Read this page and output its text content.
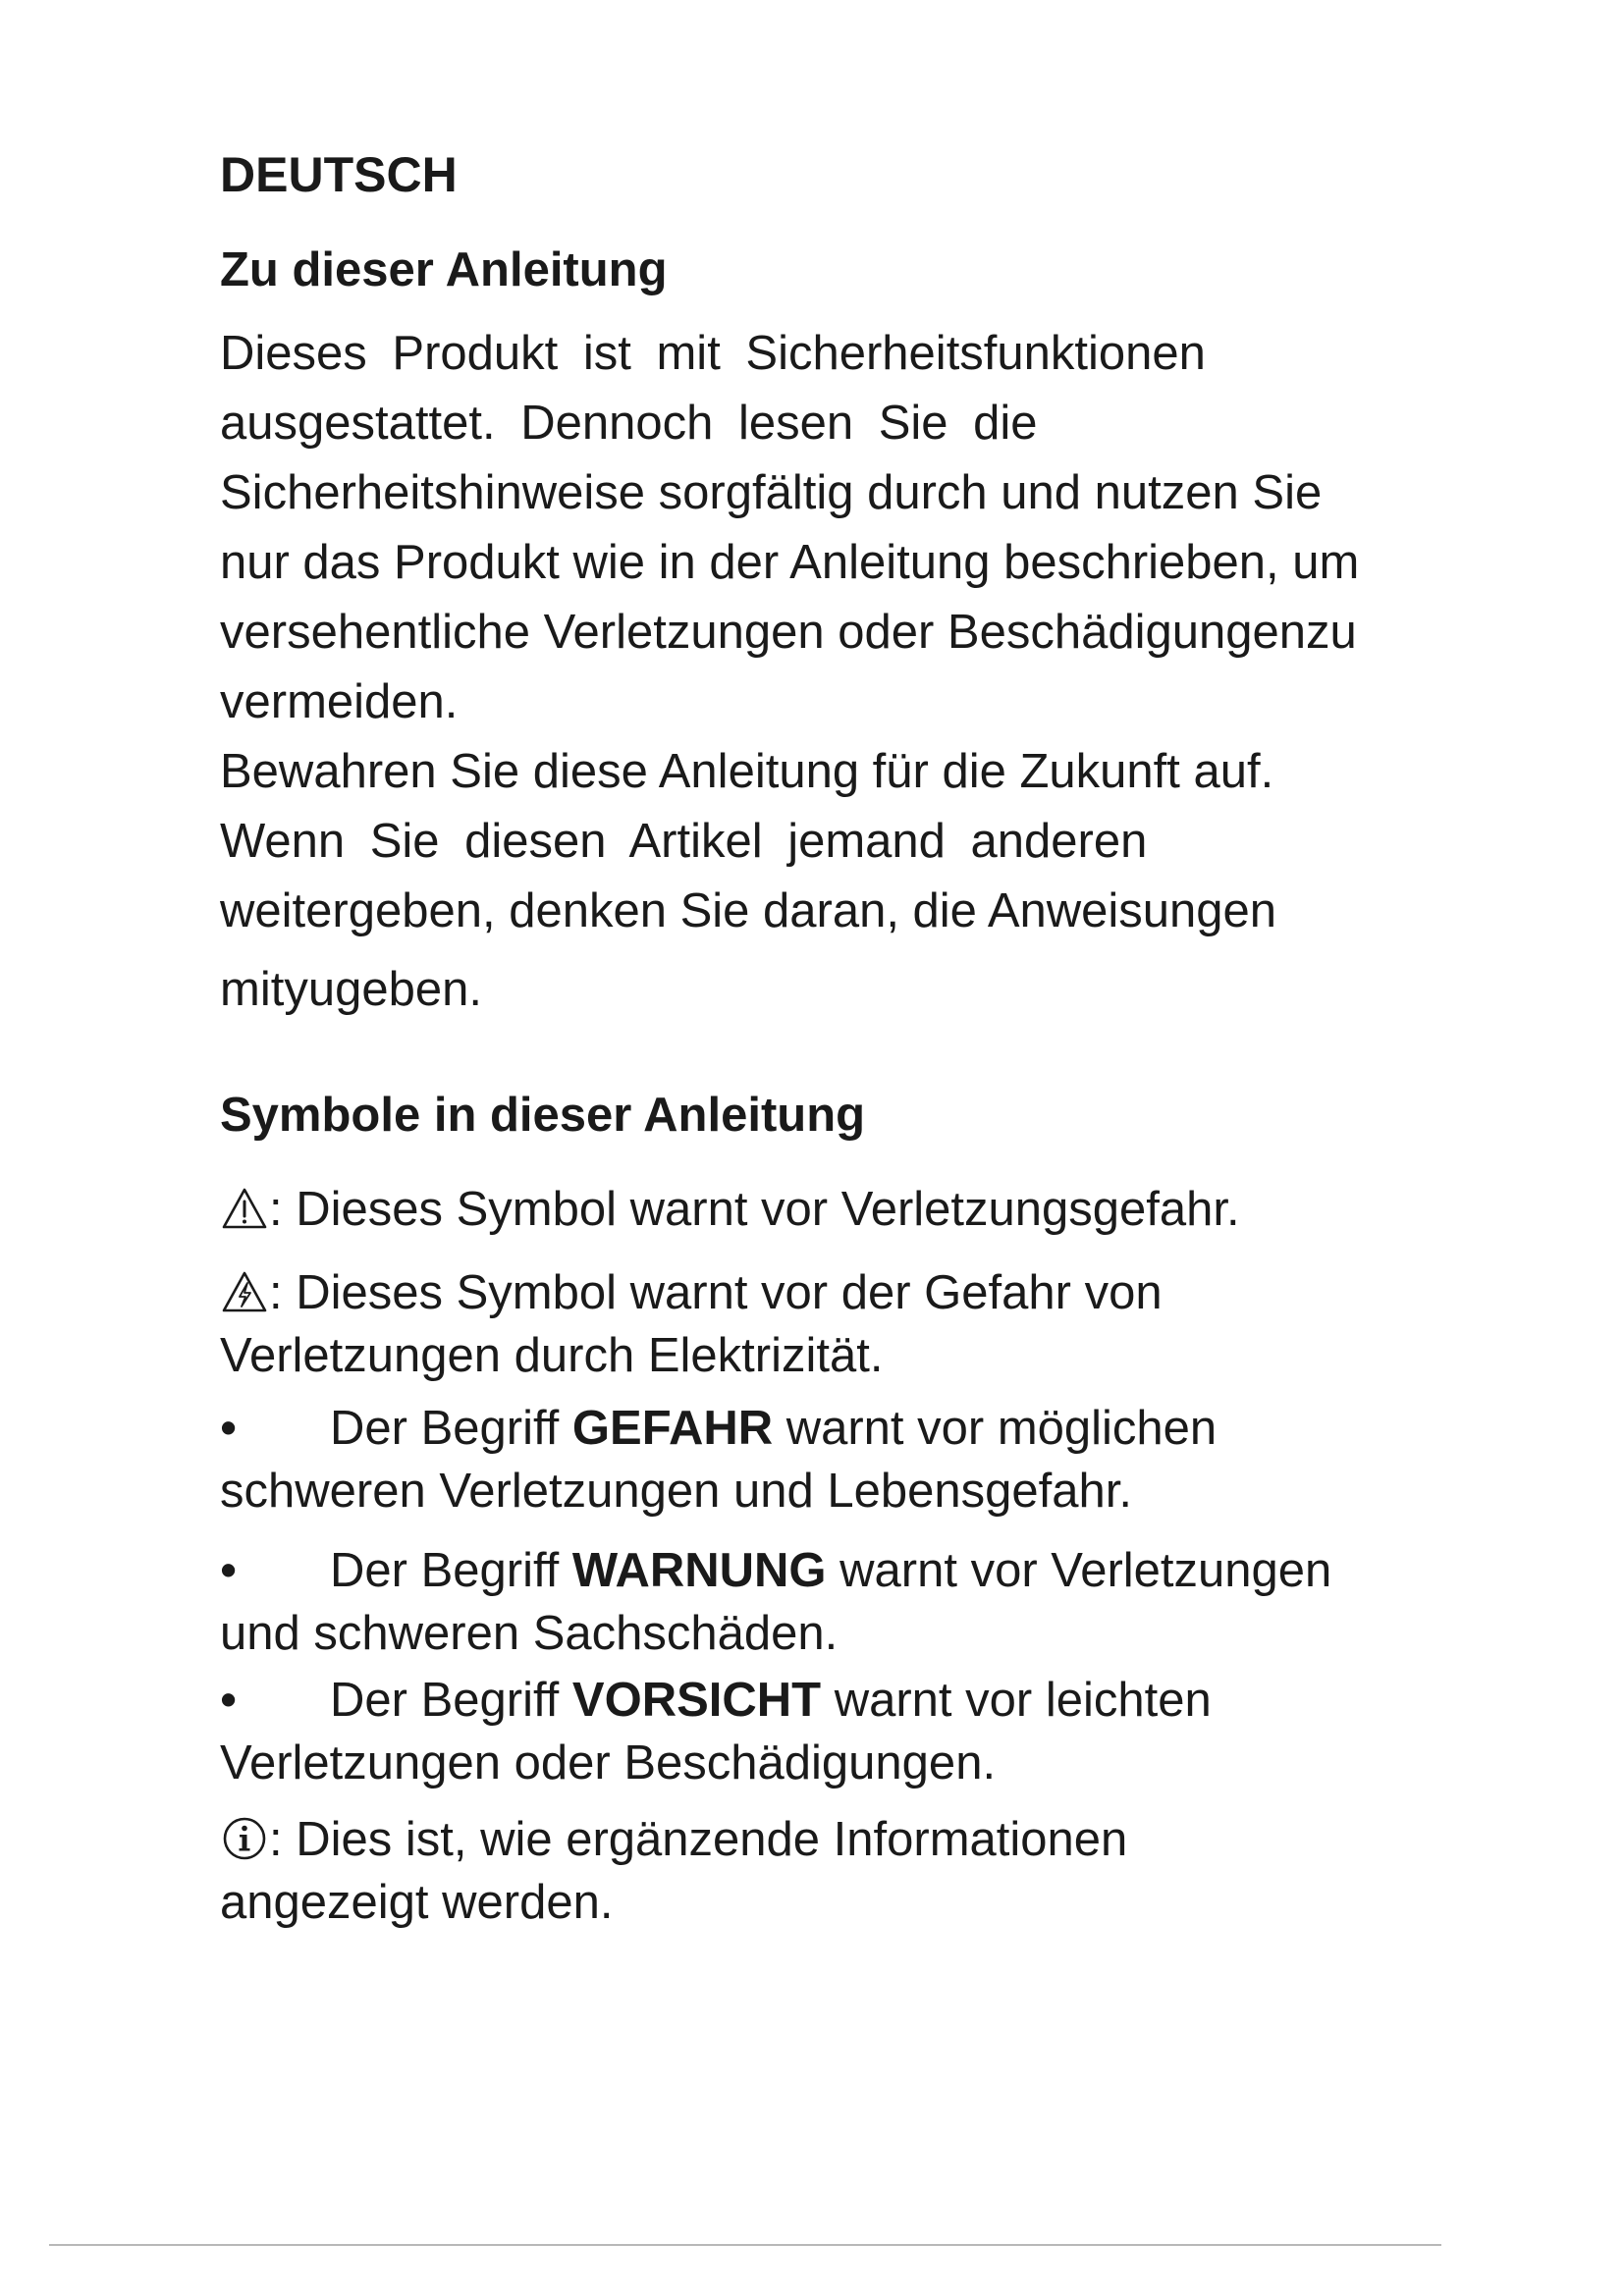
DEUTSCH
Zu dieser Anleitung
Dieses Produkt ist mit Sicherheitsfunktionen
ausgestattet. Dennoch lesen Sie die
Sicherheitshinweise sorgfältig durch und nutzen Sie
nur das Produkt wie in der Anleitung beschrieben, um
versehentliche Verletzungen oder Beschädigungenzu
vermeiden.
Bewahren Sie diese Anleitung für die Zukunft auf.
Wenn Sie diesen Artikel jemand anderen
weitergeben, denken Sie daran, die Anweisungen
mityugeben.
Symbole in dieser Anleitung
: Dieses Symbol warnt vor Verletzungsgefahr.
: Dieses Symbol warnt vor der Gefahr von
Verletzungen durch Elektrizität.
• Der Begriff GEFAHR warnt vor möglichen
schweren Verletzungen und Lebensgefahr.
• Der Begriff WARNUNG warnt vor Verletzungen
und schweren Sachschäden.
• Der Begriff VORSICHT warnt vor leichten
Verletzungen oder Beschädigungen.
: Dies ist, wie ergänzende Informationen
angezeigt werden.
